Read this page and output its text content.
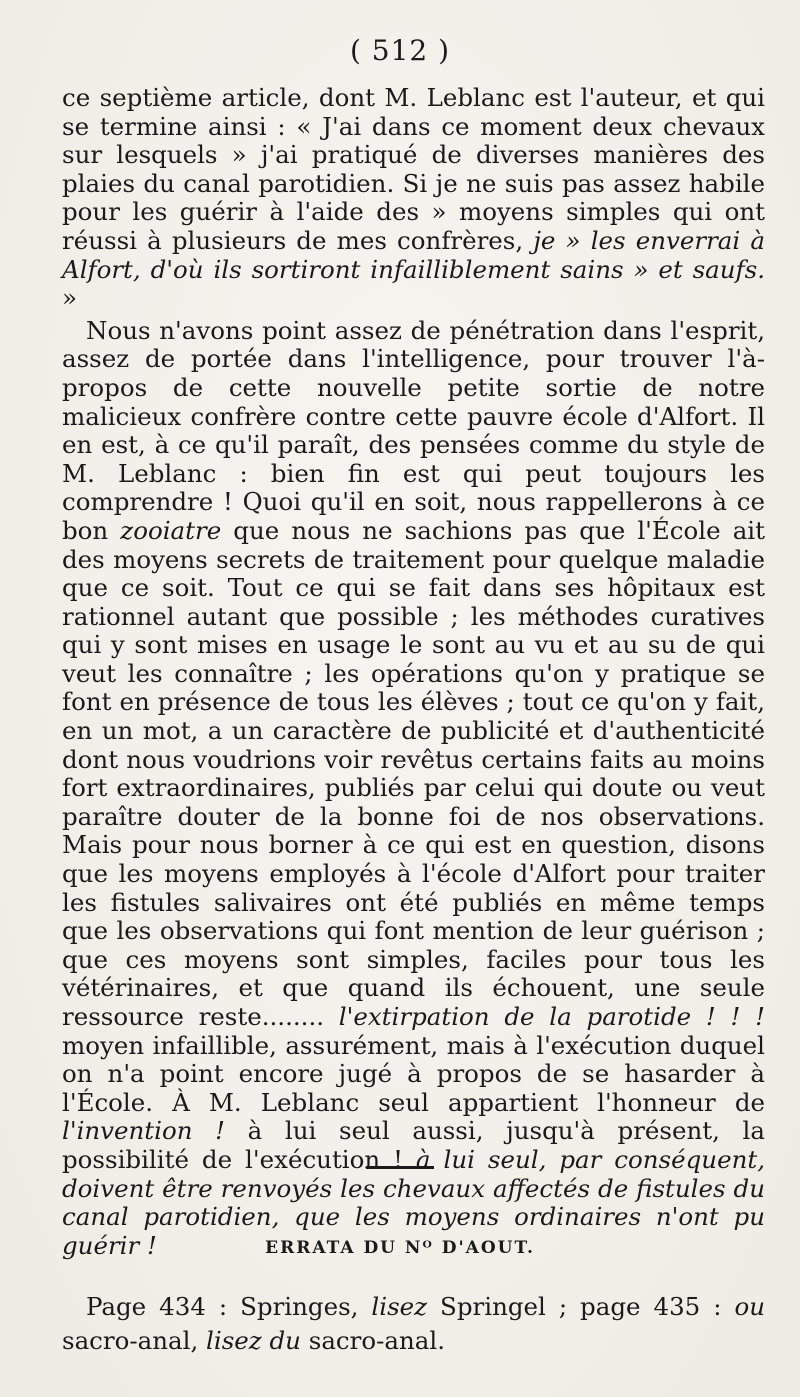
( 512 )

ce septième article, dont M. Leblanc est l'auteur, et qui se termine ainsi : « J'ai dans ce moment deux chevaux sur lesquels » j'ai pratiqué de diverses manières des plaies du canal parotidien. Si je ne suis pas assez habile pour les guérir à l'aide des » moyens simples qui ont réussi à plusieurs de mes confrères, je » les enverrai à Alfort, d'où ils sortiront infailliblement sains » et saufs. »

Nous n'avons point assez de pénétration dans l'esprit, assez de portée dans l'intelligence, pour trouver l'à-propos de cette nouvelle petite sortie de notre malicieux confrère contre cette pauvre école d'Alfort. Il en est, à ce qu'il paraît, des pensées comme du style de M. Leblanc : bien fin est qui peut toujours les comprendre ! Quoi qu'il en soit, nous rappellerons à ce bon zooiatre que nous ne sachions pas que l'École ait des moyens secrets de traitement pour quelque maladie que ce soit. Tout ce qui se fait dans ses hôpitaux est rationnel autant que possible ; les méthodes curatives qui y sont mises en usage le sont au vu et au su de qui veut les connaître ; les opérations qu'on y pratique se font en présence de tous les élèves ; tout ce qu'on y fait, en un mot, a un caractère de publicité et d'authenticité dont nous voudrions voir revêtus certains faits au moins fort extraordinaires, publiés par celui qui doute ou veut paraître douter de la bonne foi de nos observations. Mais pour nous borner à ce qui est en question, disons que les moyens employés à l'école d'Alfort pour traiter les fistules salivaires ont été publiés en même temps que les observations qui font mention de leur guérison ; que ces moyens sont simples, faciles pour tous les vétérinaires, et que quand ils échouent, une seule ressource reste........ l'extirpation de la parotide ! ! ! moyen infaillible, assurément, mais à l'exécution duquel on n'a point encore jugé à propos de se hasarder à l'École. À M. Leblanc seul appartient l'honneur de l'invention ! à lui seul aussi, jusqu'à présent, la possibilité de l'exécution ! à lui seul, par conséquent, doivent être renvoyés les chevaux affectés de fistules du canal parotidien, que les moyens ordinaires n'ont pu guérir !	ERRATA DU Nᴼ D'AOUT.

Page 434 : Springes, lisez Springel ; page 435 : ou sacro-anal, lisez du sacro-anal.
